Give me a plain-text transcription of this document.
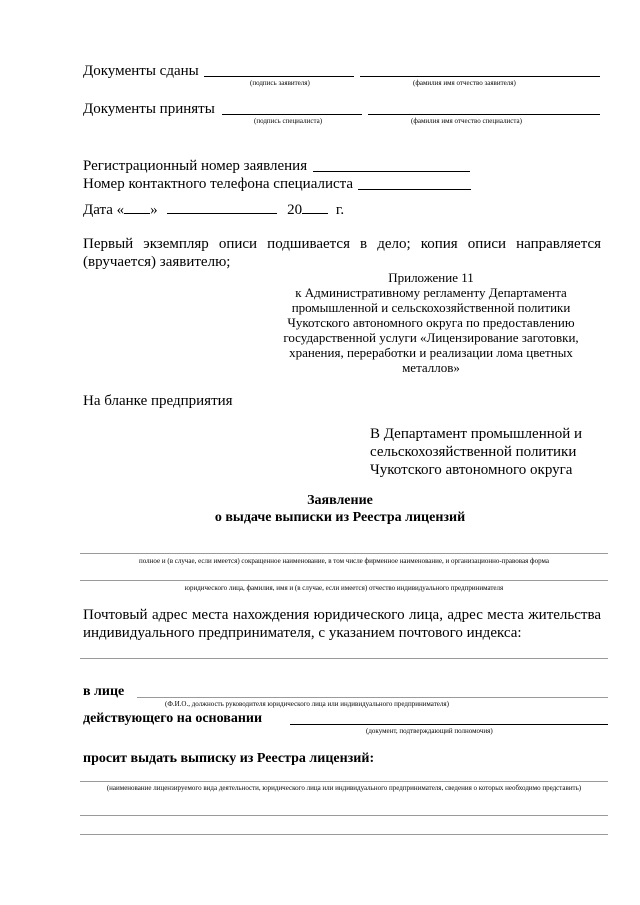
Документы сданы
(подпись заявителя)	(фамилия имя отчество заявителя)
Документы приняты
(подпись специалиста)	(фамилия имя отчество специалиста)
Регистрационный номер заявления
Номер контактного телефона специалиста
Дата « »	20 г.
Первый экземпляр описи подшивается в дело; копия описи направляется
(вручается) заявителю;
Приложение 11
к Административному регламенту Департамента
промышленной и сельскохозяйственной политики
Чукотского автономного округа по предоставлению
государственной услуги «Лицензирование заготовки,
хранения, переработки и реализации лома цветных
металлов»
На бланке предприятия
В Департамент промышленной и
сельскохозяйственной политики
Чукотского автономного округа
Заявление
о выдаче выписки из Реестра лицензий
полное и (в случае, если имеется) сокращенное наименование, в том числе фирменное наименование, и организационно-правовая форма
юридического лица, фамилия, имя и (в случае, если имеется) отчество индивидуального предпринимателя
Почтовый адрес места нахождения юридического лица, адрес места жительства
индивидуального предпринимателя, с указанием почтового индекса:
в лице
(Ф.И.О., должность руководителя юридического лица или индивидуального предпринимателя)
действующего на основании
(документ, подтверждающий полномочия)
просит выдать выписку из Реестра лицензий:
(наименование лицензируемого вида деятельности, юридического лица или индивидуального предпринимателя, сведения о которых необходимо представить)
